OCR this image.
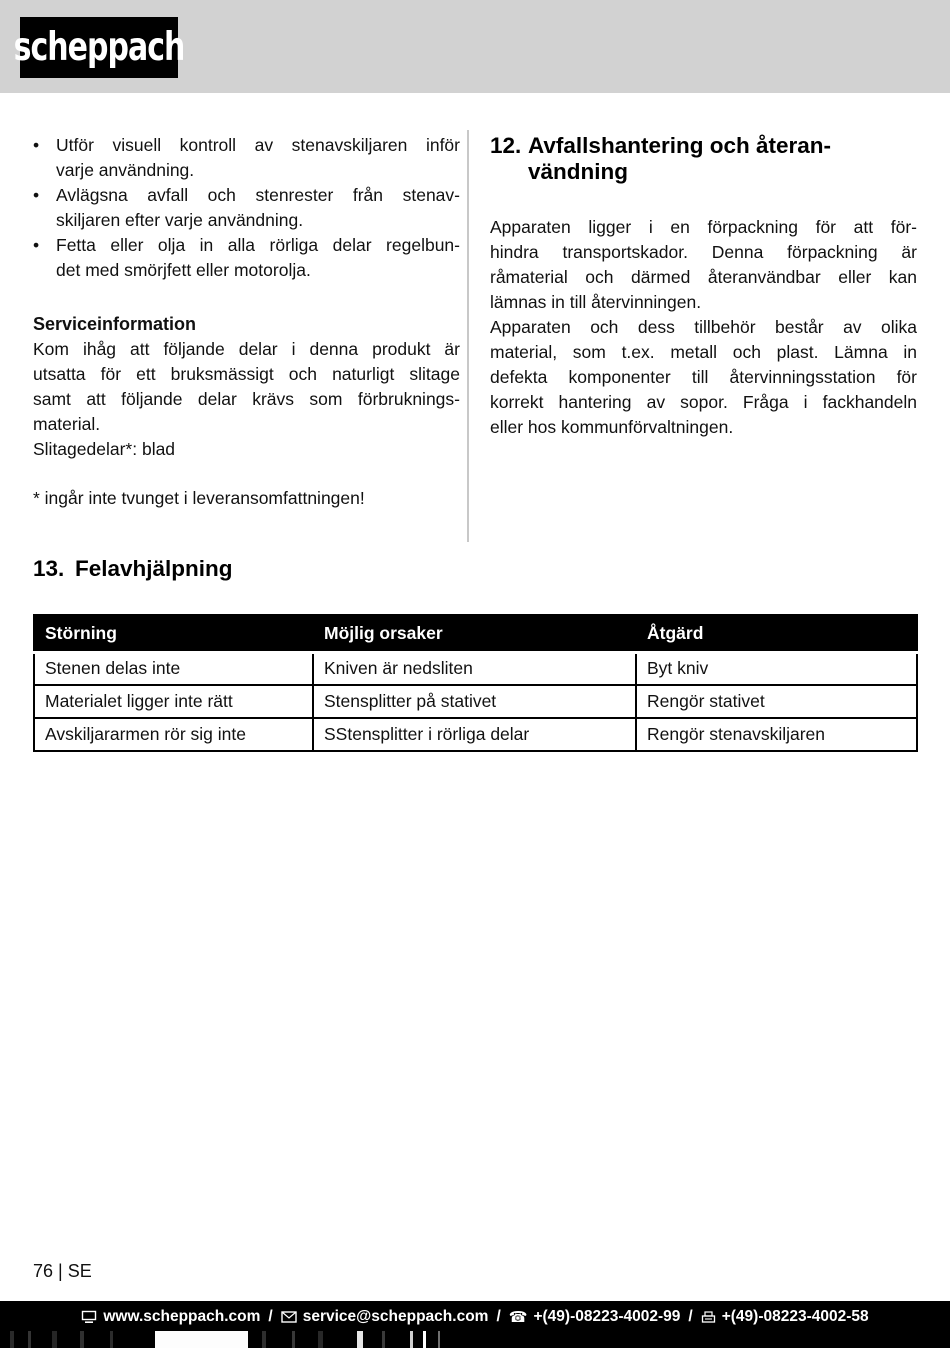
scheppach
• Utför visuell kontroll av stenavskiljaren inför
varje användning.
• Avlägsna avfall och stenrester från stenav-
skiljaren efter varje användning.
• Fetta eller olja in alla rörliga delar regelbun-
det med smörjfett eller motorolja.
Serviceinformation
Kom ihåg att följande delar i denna produkt är
utsatta för ett bruksmässigt och naturligt slitage
samt att följande delar krävs som förbruknings-
material.
Slitagedelar*: blad
* ingår inte tvunget i leveransomfattningen!
12. Avfallshantering och återan-
vändning
Apparaten ligger i en förpackning för att för-
hindra transportskador. Denna förpackning är
råmaterial och därmed återanvändbar eller kan
lämnas in till återvinningen.
Apparaten och dess tillbehör består av olika
material, som t.ex. metall och plast. Lämna in
defekta komponenter till återvinningsstation för
korrekt hantering av sopor. Fråga i fackhandeln
eller hos kommunförvaltningen.
13. Felavhjälpning
Störning	Möjlig orsaker	Åtgärd
Stenen delas inte	Kniven är nedsliten	Byt kniv
Materialet ligger inte rätt	Stensplitter på stativet	Rengör stativet
Avskiljararmen rör sig inte	SStensplitter i rörliga delar	Rengör stenavskiljaren
76 | SE
www.scheppach.com / service@scheppach.com / ☎ +(49)-08223-4002-99 / +(49)-08223-4002-58
